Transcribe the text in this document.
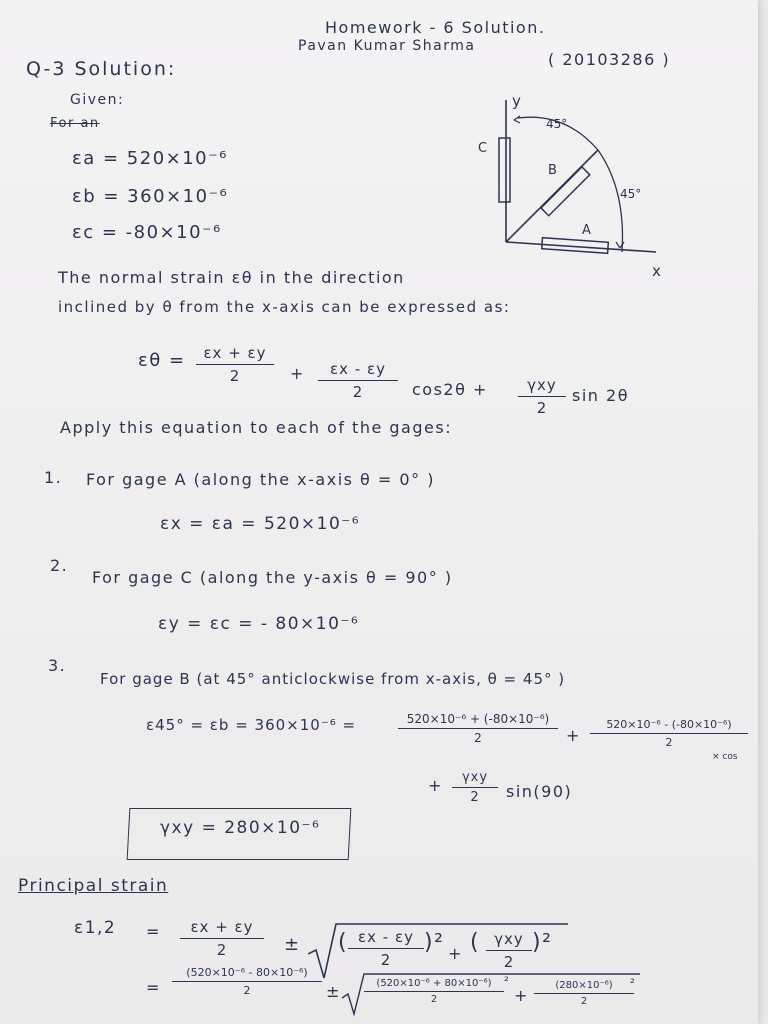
Homework - 6 Solution.
Pavan Kumar Sharma
( 20103286 )
Q-3 Solution:
Given:
For an
εa = 520×10⁻⁶
εb = 360×10⁻⁶
εc = -80×10⁻⁶
y
x
45°
45°
C
B
A
The normal strain εθ in the direction
inclined by θ from the x-axis can be expressed as:
$\varepsilon\theta = \frac{\varepsilon x + \varepsilon y}{2} + \frac{\varepsilon x - \varepsilon y}{2} \cos 2\theta$ +	γxy
2
sin 2θ
Apply this equation to each of the gages:
1. For gage A (along the x-axis θ = 0° )
εx = εa = 520×10⁻⁶
2.
For gage C (along the y-axis θ = 90° )
εy = εc = - 80×10⁻⁶
3.
For gage B (at 45° anticlockwise from x-axis, θ = 45° )
ε45° = εb = 360×10⁻⁶ =	$\frac{\text{520×10⁻⁶ + (-80×10⁻⁶)}}{2} + \frac{\text{520×10⁻⁶ - (-80×10⁻⁶)}}{2}$
× cos
+	γxy
2	sin(90)
γxy = 280×10⁻⁶
Principal strain
$\varepsilon 1,2 = \frac{\varepsilon x + \varepsilon y}{2}$ ± ( $\frac{\varepsilon x - \varepsilon y}{2} )^2$ + ( γxy
2
)²
= $\frac{\text{(520×10⁻⁶ - 80×10⁻⁶)}}{2} \pm \frac{\text{(520×10⁻⁶ + 80×10⁻⁶)}}{2} ^2$
+ $\frac{\text{(280×10⁻⁶)}}{2}$
²
